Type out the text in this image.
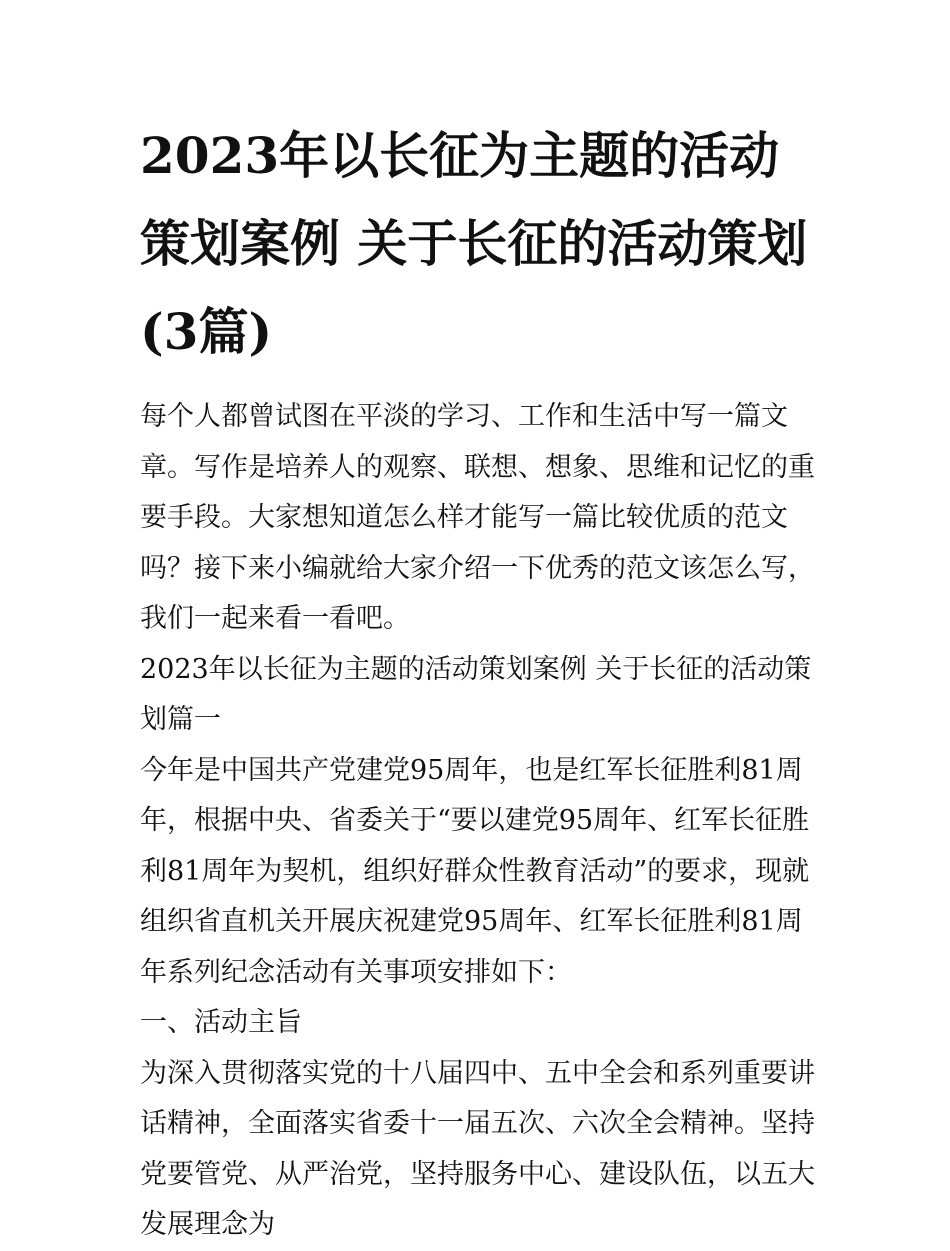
2023年以长征为主题的活动策划案例 关于长征的活动策划(3篇)

每个人都曾试图在平淡的学习、工作和生活中写一篇文章。写作是培养人的观察、联想、想象、思维和记忆的重要手段。大家想知道怎么样才能写一篇比较优质的范文吗？接下来小编就给大家介绍一下优秀的范文该怎么写，我们一起来看一看吧。

2023年以长征为主题的活动策划案例 关于长征的活动策划篇一

今年是中国共产党建党95周年，也是红军长征胜利81周年，根据中央、省委关于“要以建党95周年、红军长征胜利81周年为契机，组织好群众性教育活动”的要求，现就组织省直机关开展庆祝建党95周年、红军长征胜利81周年系列纪念活动有关事项安排如下：

一、活动主旨

为深入贯彻落实党的十八届四中、五中全会和系列重要讲话精神，全面落实省委十一届五次、六次全会精神。坚持党要管党、从严治党，坚持服务中心、建设队伍，以五大发展理念为
